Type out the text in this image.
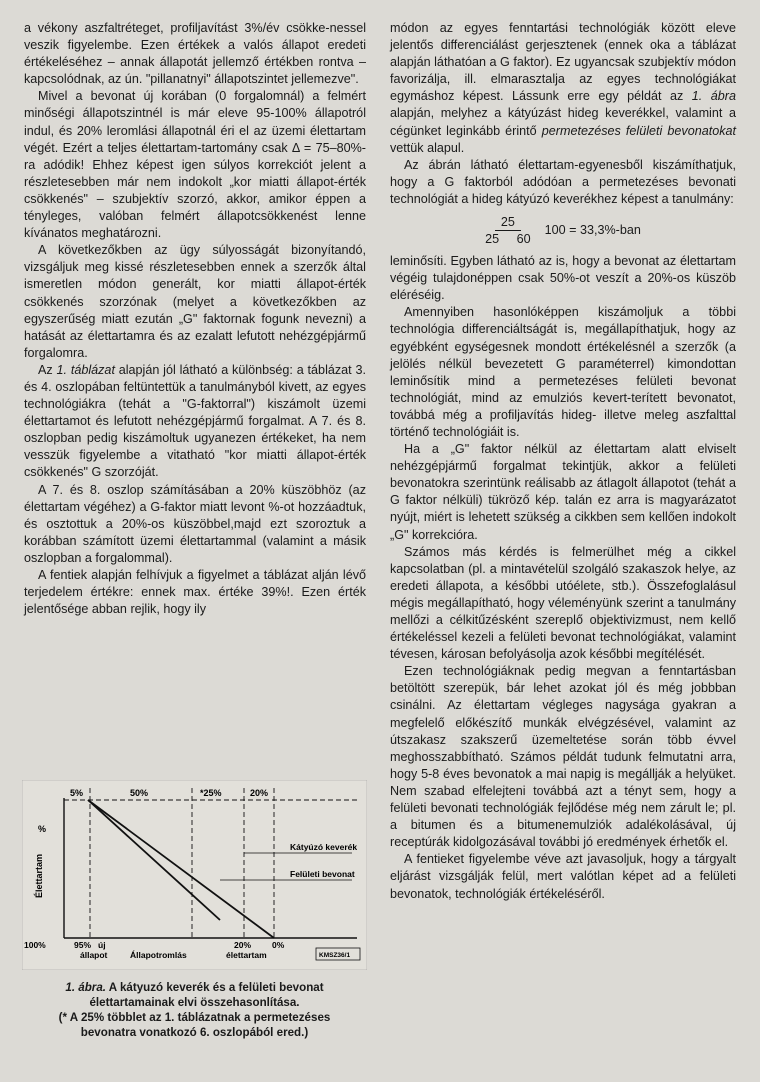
a vékony aszfaltréteget, profiljavítást 3%/év csökke-nessel veszik figyelembe. Ezen értékek a valós állapot eredeti értékeléséhez – annak állapotát jellemző értékben rontva – kapcsolódnak, az ún. "pillanatnyi" állapotszintet jellemezve".

Mivel a bevonat új korában (0 forgalomnál) a felmért minőségi állapotszintnél is már eleve 95-100% állapotról indul, és 20% leromlási állapotnál éri el az üzemi élettartam végét. Ezért a teljes élettartam-tartomány csak Δ = 75–80%-ra adódik! Ehhez képest igen súlyos korrekciót jelent a részletesebben már nem indokolt „kor miatti állapot-érték csökkenés" – szubjektív szorzó, akkor, amikor éppen a tényleges, valóban felmért állapotcsökkenést lenne kívánatos meghatározni.

A következőkben az ügy súlyosságát bizonyítandó, vizsgáljuk meg kissé részletesebben ennek a szerzők által ismeretlen módon generált, kor miatti állapot-érték csökkenés szorzónak (melyet a következőkben az egyszerűség miatt ezután „G" faktornak fogunk nevezni) a hatását az élettartamra és az ezalatt lefutott nehézgépjármű forgalomra.

Az 1. táblázat alapján jól látható a különbség: a táblázat 3. és 4. oszlopában feltüntettük a tanulmányból kivett, az egyes technológiákra (tehát a "G-faktorral") kiszámolt üzemi élettartamot és lefutott nehézgépjármű forgalmat. A 7. és 8. oszlopban pedig kiszámoltuk ugyanezen értékeket, ha nem vesszük figyelembe a vitatható "kor miatti állapot-érték csökkenés" G szorzóját.

A 7. és 8. oszlop számításában a 20% küszöbhöz (az élettartam végéhez) a G-faktor miatt levont %-ot hozzáadtuk, és osztottuk a 20%-os küszöbbel,majd ezt szoroztuk a korábban számított üzemi élettartammal (valamint a másik oszlopban a forgalommal).

A fentiek alapján felhívjuk a figyelmet a táblázat alján lévő terjedelem értékre: ennek max. értéke 39%!. Ezen érték jelentősége abban rejlik, hogy ily

5%	50%	*25%	20%
Élettartam
%
Kátyúzó keverék
Felületi bevonat
100%	95% új
állapot	Állapotromlás
20% 0%
élettartam	KMSZ36/1
1. ábra. A kátyuzó keverék és a felületi bevonat
élettartamainak elvi összehasonlítása.
(* A 25% többlet az 1. táblázatnak a permetezéses
bevonatra vonatkozó 6. oszlopából ered.)

módon az egyes fenntartási technológiák között eleve jelentős differenciálást gerjesztenek (ennek oka a táblázat alapján láthatóan a G faktor). Ez ugyancsak szubjektív módon favorizálja, ill. elmarasztalja az egyes technológiákat egymáshoz képest. Lássunk erre egy példát az 1. ábra alapján, melyhez a kátyúzást hideg keverékkel, valamint a cégünket leginkább érintő permetezéses felületi bevonatokat vettük alapul.

Az ábrán látható élettartam-egyenesből kiszámíthatjuk, hogy a G faktorból adódóan a permetezéses bevonati technológiát a hideg kátyúzó keverékhez képest a tanulmány:

$\frac{25}{25 60} 100 = 33,3\%-ban$

leminősíti. Egyben látható az is, hogy a bevonat az élettartam végéig tulajdonéppen csak 50%-ot veszít a 20%-os küszöb eléréséig.

Amennyiben hasonlóképpen kiszámoljuk a többi technológia differenciáltságát is, megállapíthatjuk, hogy az egyébként egységesnek mondott értékelésnél a szerzők (a jelölés nélkül bevezetett G paraméterrel) kimondottan leminősítik mind a permetezéses felületi bevonat technológiát, mind az emulziós kevert-terített bevonatot, továbbá még a profiljavítás hideg- illetve meleg aszfalttal történő technológiáit is.

Ha a „G" faktor nélkül az élettartam alatt elviselt nehézgépjármű forgalmat tekintjük, akkor a felületi bevonatokra szerintünk reálisabb az átlagolt állapotot (tehát a G faktor nélküli) tükröző kép. talán ez arra is magyarázatot nyújt, miért is lehetett szükség a cikkben sem kellően indokolt „G" korrekcióra.

Számos más kérdés is felmerülhet még a cikkel kapcsolatban (pl. a mintavételül szolgáló szakaszok helye, az eredeti állapota, a későbbi utóélete, stb.). Összefoglalásul mégis megállapítható, hogy véleményünk szerint a tanulmány mellőzi a célkitűzésként szereplő objektivizmust, nem kellő értékeléssel kezeli a felületi bevonat technológiákat, valamint tévesen, károsan befolyásolja azok későbbi megítélését.

Ezen technológiáknak pedig megvan a fenntartásban betöltött szerepük, bár lehet azokat jól és még jobbban csinálni. Az élettartam végleges nagysága gyakran a megfelelő előkészítő munkák elvégzésével, valamint az útszakasz szakszerű üzemeltetése során több évvel meghosszabbítható. Számos példát tudunk felmutatni arra, hogy 5-8 éves bevonatok a mai napig is megállják a helyüket. Nem szabad elfelejteni továbbá azt a tényt sem, hogy a felületi bevonati technológiák fejlődése még nem zárult le; pl. a bitumen és a bitumenemulziók adalékolásával, új receptúrák kidolgozásával további jó eredmények érhetők el.

A fentieket figyelembe véve azt javasoljuk, hogy a tárgyalt eljárást vizsgálják felül, mert valótlan képet ad a felületi bevonatok, technológiák értékeléséről.
